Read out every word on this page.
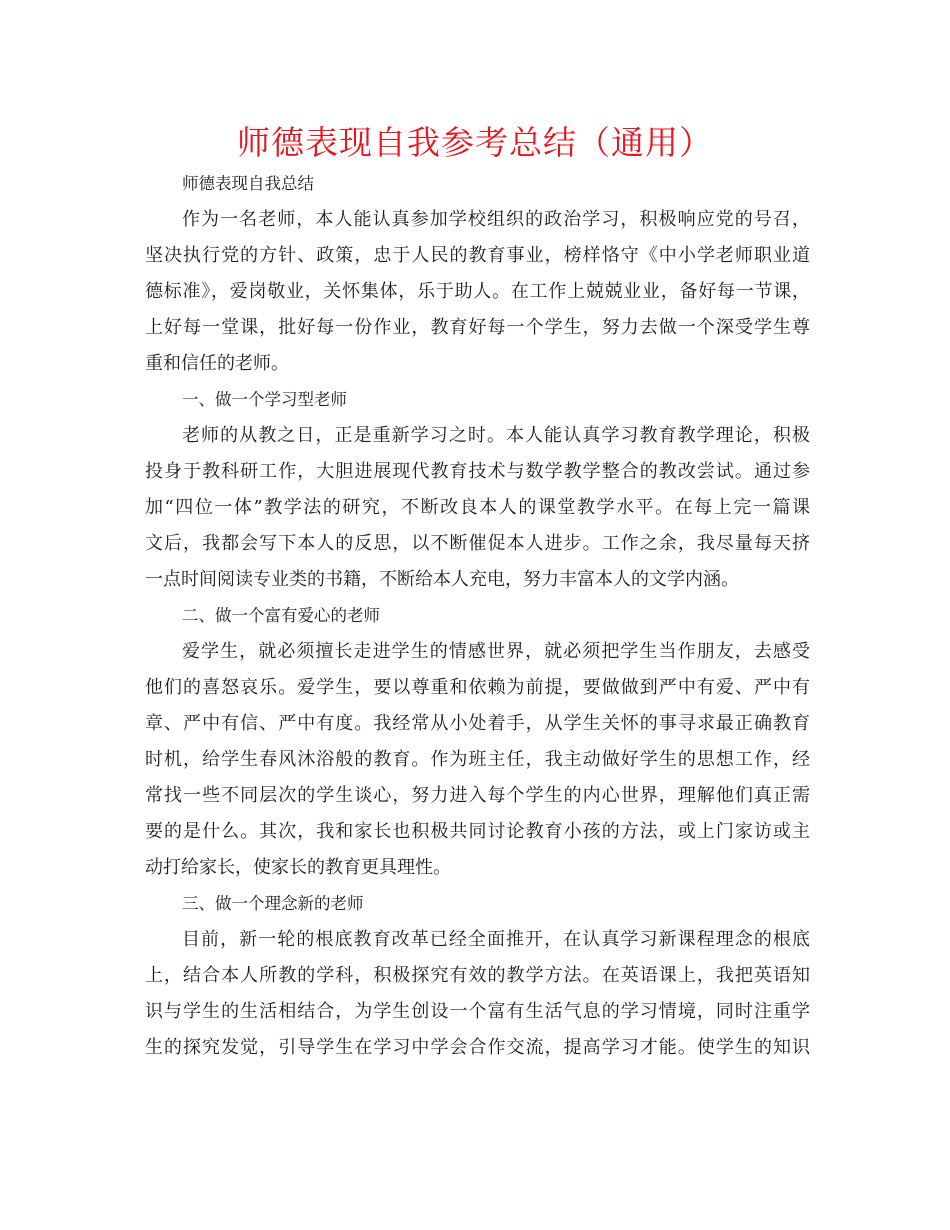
师德表现自我参考总结（通用）

师德表现自我总结

作为一名老师，本人能认真参加学校组织的政治学习，积极响应党的号召，
坚决执行党的方针、政策，忠于人民的教育事业，榜样恪守《中小学老师职业道
德标准》，爱岗敬业，关怀集体，乐于助人。在工作上兢兢业业，备好每一节课，
上好每一堂课，批好每一份作业，教育好每一个学生，努力去做一个深受学生尊
重和信任的老师。

一、做一个学习型老师

老师的从教之日，正是重新学习之时。本人能认真学习教育教学理论，积极
投身于教科研工作，大胆进展现代教育技术与数学教学整合的教改尝试。通过参
加“四位一体”教学法的研究，不断改良本人的课堂教学水平。在每上完一篇课
文后，我都会写下本人的反思，以不断催促本人进步。工作之余，我尽量每天挤
一点时间阅读专业类的书籍，不断给本人充电，努力丰富本人的文学内涵。

二、做一个富有爱心的老师

爱学生，就必须擅长走进学生的情感世界，就必须把学生当作朋友，去感受
他们的喜怒哀乐。爱学生，要以尊重和依赖为前提，要做做到严中有爱、严中有
章、严中有信、严中有度。我经常从小处着手，从学生关怀的事寻求最正确教育
时机，给学生春风沐浴般的教育。作为班主任，我主动做好学生的思想工作，经
常找一些不同层次的学生谈心，努力进入每个学生的内心世界，理解他们真正需
要的是什么。其次，我和家长也积极共同讨论教育小孩的方法，或上门家访或主
动打给家长，使家长的教育更具理性。

三、做一个理念新的老师

目前，新一轮的根底教育改革已经全面推开，在认真学习新课程理念的根底
上，结合本人所教的学科，积极探究有效的教学方法。在英语课上，我把英语知
识与学生的生活相结合，为学生创设一个富有生活气息的学习情境，同时注重学
生的探究发觉，引导学生在学习中学会合作交流，提高学习才能。使学生的知识
